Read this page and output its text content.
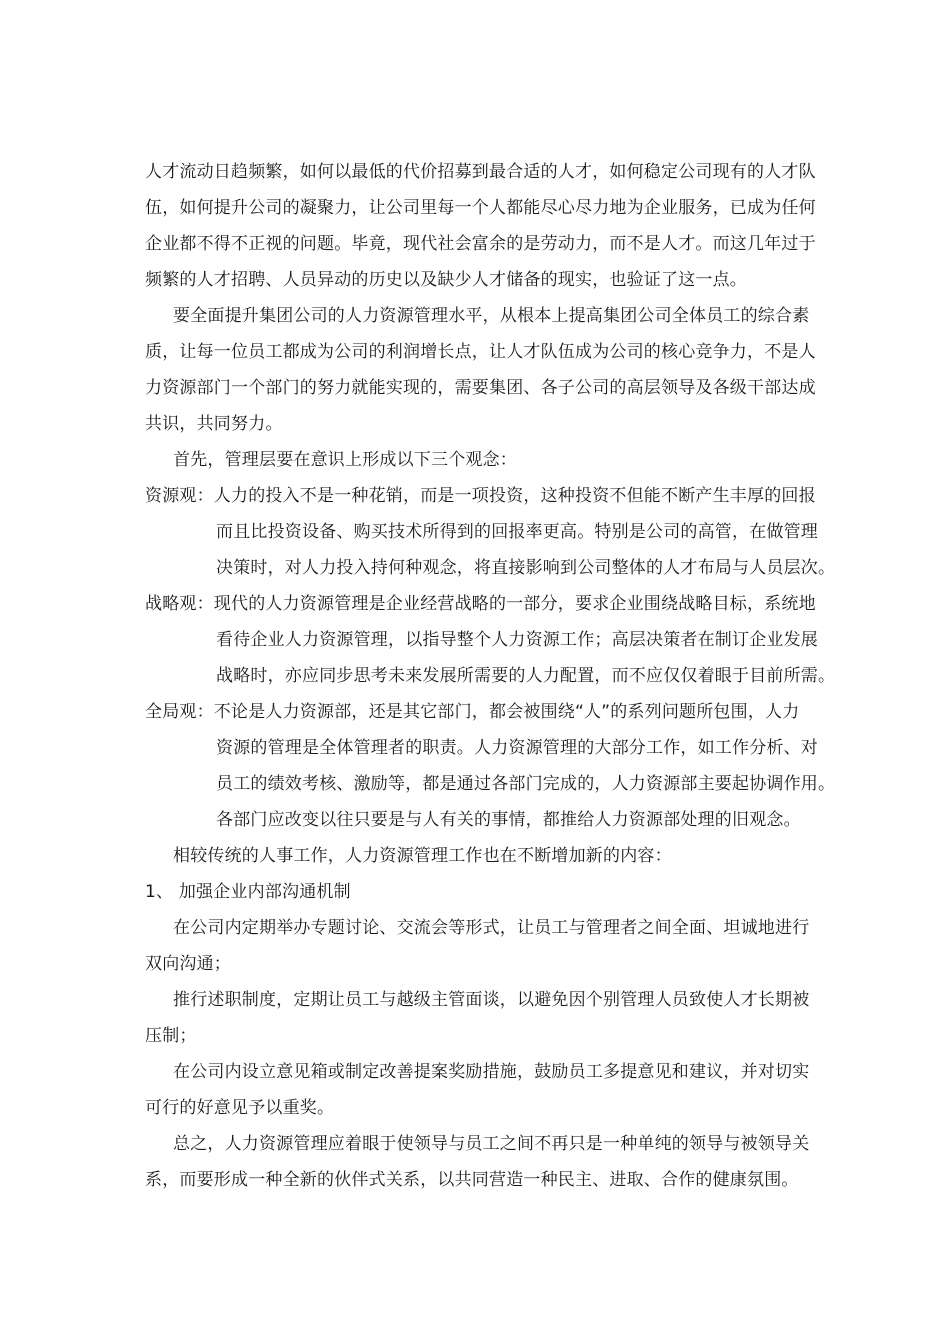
人才流动日趋频繁，如何以最低的代价招募到最合适的人才，如何稳定公司现有的人才队
伍，如何提升公司的凝聚力，让公司里每一个人都能尽心尽力地为企业服务，已成为任何
企业都不得不正视的问题。毕竟，现代社会富余的是劳动力，而不是人才。而这几年过于
频繁的人才招聘、人员异动的历史以及缺少人才储备的现实，也验证了这一点。
要全面提升集团公司的人力资源管理水平，从根本上提高集团公司全体员工的综合素
质，让每一位员工都成为公司的利润增长点，让人才队伍成为公司的核心竞争力，不是人
力资源部门一个部门的努力就能实现的，需要集团、各子公司的高层领导及各级干部达成
共识，共同努力。
首先，管理层要在意识上形成以下三个观念：
资源观：人力的投入不是一种花销，而是一项投资，这种投资不但能不断产生丰厚的回报
而且比投资设备、购买技术所得到的回报率更高。特别是公司的高管，在做管理
决策时，对人力投入持何种观念，将直接影响到公司整体的人才布局与人员层次。
战略观：现代的人力资源管理是企业经营战略的一部分，要求企业围绕战略目标，系统地
看待企业人力资源管理，以指导整个人力资源工作；高层决策者在制订企业发展
战略时，亦应同步思考未来发展所需要的人力配置，而不应仅仅着眼于目前所需。
全局观：不论是人力资源部，还是其它部门，都会被围绕“人”的系列问题所包围，人力
资源的管理是全体管理者的职责。人力资源管理的大部分工作，如工作分析、对
员工的绩效考核、激励等，都是通过各部门完成的，人力资源部主要起协调作用。
各部门应改变以往只要是与人有关的事情，都推给人力资源部处理的旧观念。
相较传统的人事工作，人力资源管理工作也在不断增加新的内容：
1、 加强企业内部沟通机制
在公司内定期举办专题讨论、交流会等形式，让员工与管理者之间全面、坦诚地进行
双向沟通；
推行述职制度，定期让员工与越级主管面谈，以避免因个别管理人员致使人才长期被
压制；
在公司内设立意见箱或制定改善提案奖励措施，鼓励员工多提意见和建议，并对切实
可行的好意见予以重奖。
总之，人力资源管理应着眼于使领导与员工之间不再只是一种单纯的领导与被领导关
系，而要形成一种全新的伙伴式关系，以共同营造一种民主、进取、合作的健康氛围。
